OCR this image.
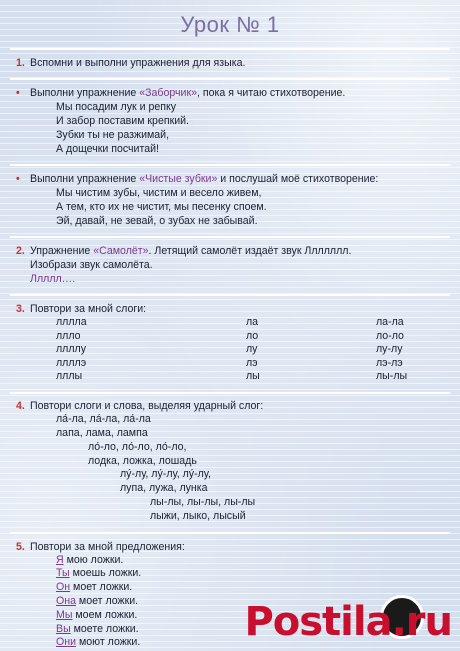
Урок № 1
1. Вспомни и выполни упражнения для языка.
• Выполни упражнение «Заборчик», пока я читаю стихотворение.
Мы посадим лук и репку
И забор поставим крепкий.
Зубки ты не разжимай,
А дощечки посчитай!
• Выполни упражнение «Чистые зубки» и послушай моё стихотворение:
Мы чистим зубы, чистим и весело живем,
А тем, кто их не чистит, мы песенку споем.
Эй, давай, не зевай, о зубах не забывай.
2. Упражнение «Самолёт». Летящий самолёт издаёт звук Ллллллл.
Изобрази звук самолёта.
Ллллл….
3. Повтори за мной слоги:
лллла	ла	ла-ла
ллло	ло	ло-ло
ллллу	лу	лу-лу
ллллэ	лэ	лэ-лэ
лллы	лы	лы-лы
4. Повтори слоги и слова, выделяя ударный слог:
ла́-ла, ла́-ла, ла́-ла
лапа, лама, лампа
ло́-ло, ло́-ло, ло́-ло,
лодка, ложка, лошадь
лу́-лу, лу́-лу, лу́-лу,
лупа, лужа, лунка
лы-лы, лы-лы, лы-лы
лыжи, лыко, лысый
5. Повтори за мной предложения:
Я мою ложки.
Ты моешь ложки.
Он моет ложки.
Она моет ложки.
Мы моем ложки.
Вы моете ложки.
Они моют ложки.	Postila.ru
